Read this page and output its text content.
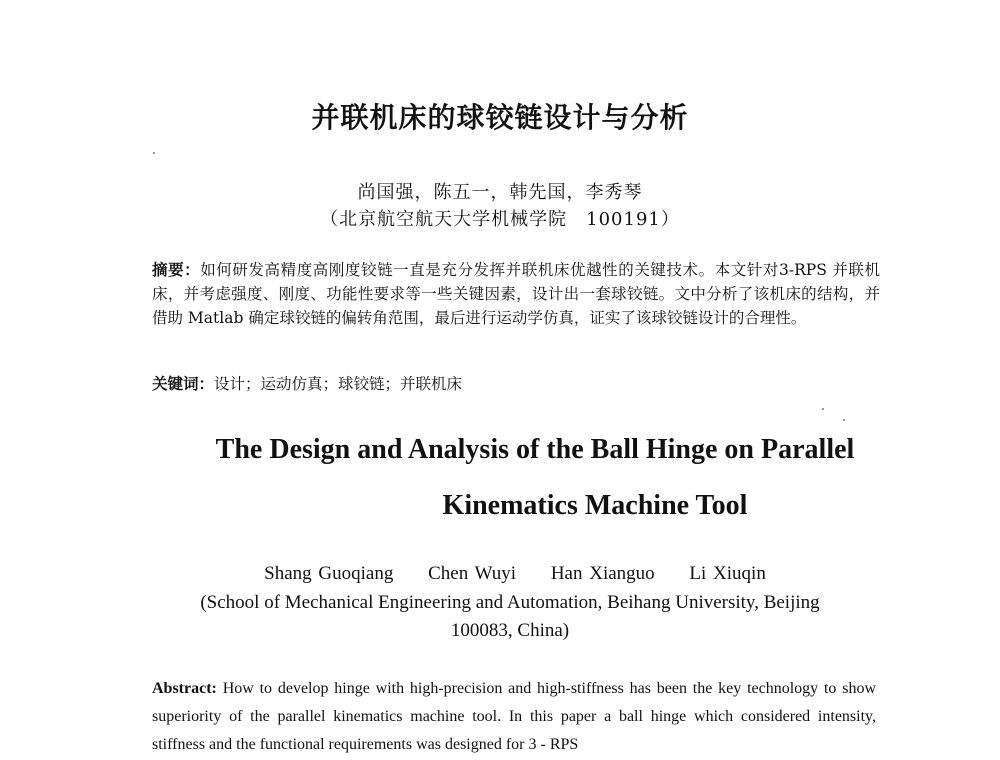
并联机床的球铰链设计与分析
尚国强，陈五一，韩先国，李秀琴
（北京航空航天大学机械学院　100191）
摘要：如何研发高精度高刚度铰链一直是充分发挥并联机床优越性的关键技术。本文针对3-RPS 并联机床，并考虑强度、刚度、功能性要求等一些关键因素，设计出一套球铰链。文中分析了该机床的结构，并借助 Matlab 确定球铰链的偏转角范围，最后进行运动学仿真，证实了该球铰链设计的合理性。
关键词：设计；运动仿真；球铰链；并联机床
The Design and Analysis of the Ball Hinge on Parallel
Kinematics Machine Tool
Shang Guoqiang Chen Wuyi Han Xianguo Li Xiuqin
(School of Mechanical Engineering and Automation, Beihang University, Beijing
100083, China)
Abstract: How to develop hinge with high-precision and high-stiffness has been the key technology to show superiority of the parallel kinematics machine tool. In this paper a ball hinge which considered intensity, stiffness and the functional requirements was designed for 3 - RPS
